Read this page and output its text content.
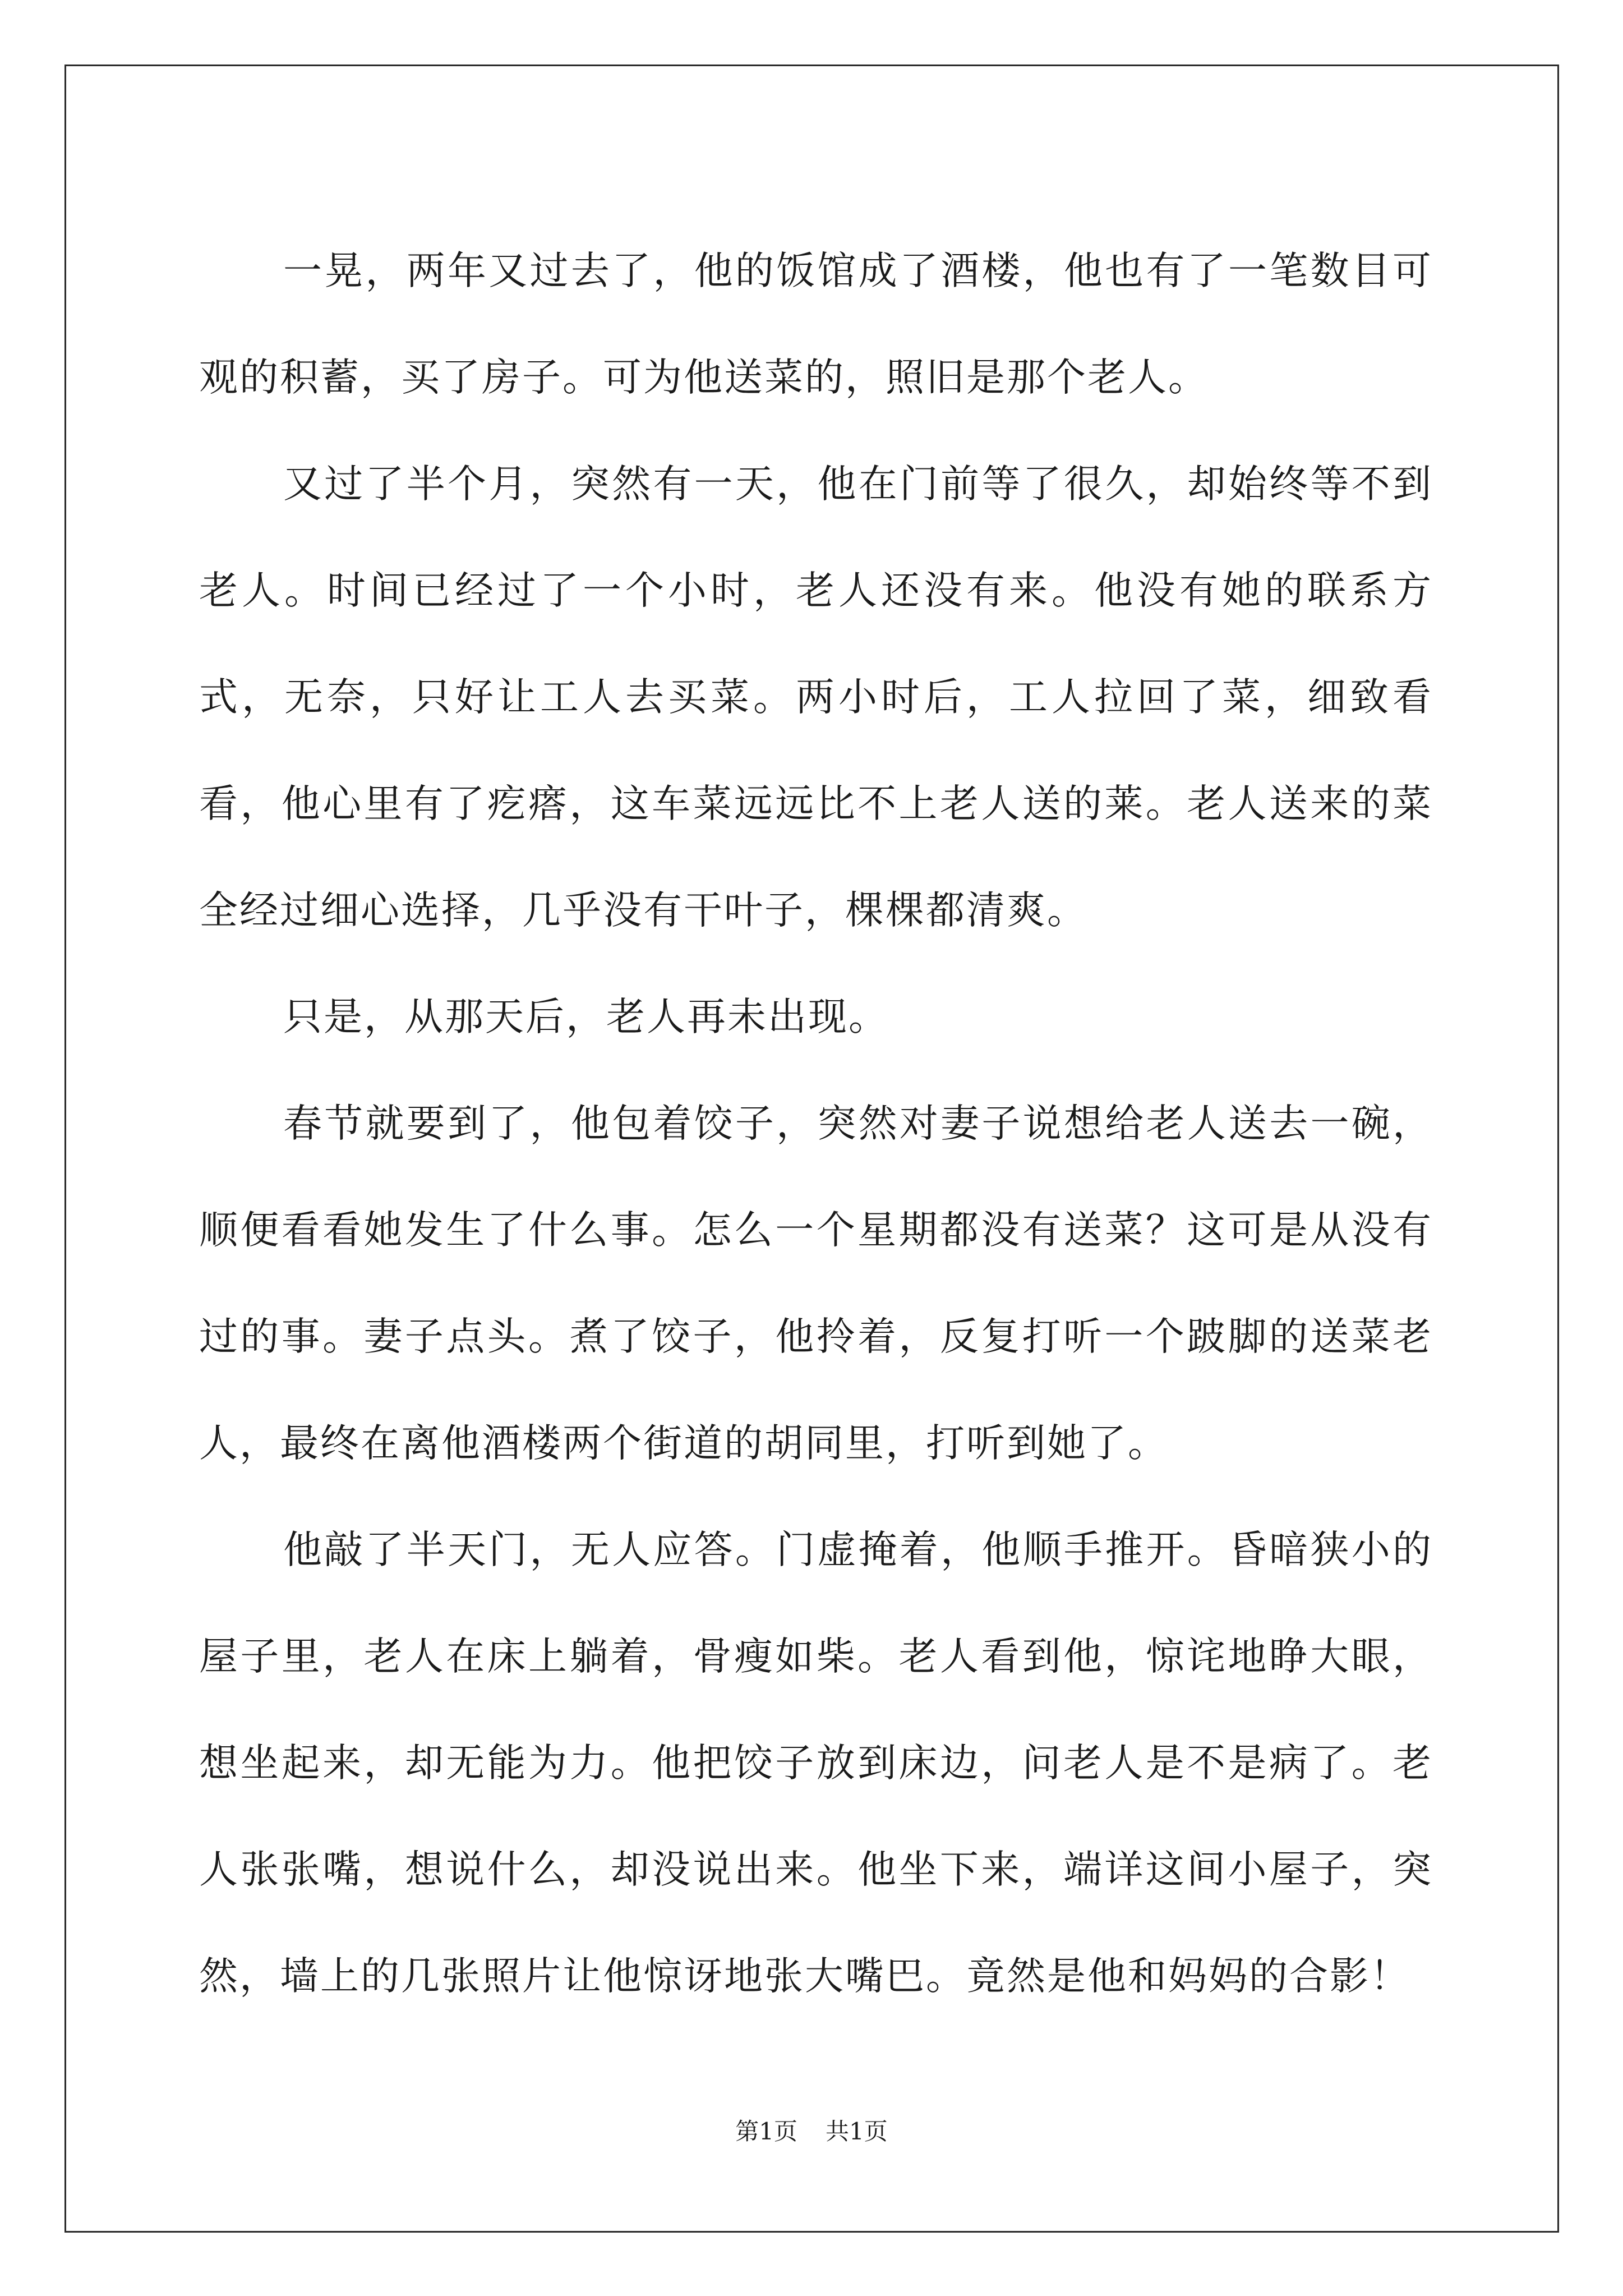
一晃，两年又过去了，他的饭馆成了酒楼，他也有了一笔数目可观的积蓄，买了房子。可为他送菜的，照旧是那个老人。

又过了半个月，突然有一天，他在门前等了很久，却始终等不到老人。时间已经过了一个小时，老人还没有来。他没有她的联系方式，无奈，只好让工人去买菜。两小时后，工人拉回了菜，细致看看，他心里有了疙瘩，这车菜远远比不上老人送的莱。老人送来的菜全经过细心选择，几乎没有干叶子，棵棵都清爽。

只是，从那天后，老人再未出现。

春节就要到了，他包着饺子，突然对妻子说想给老人送去一碗，顺便看看她发生了什么事。怎么一个星期都没有送菜？这可是从没有过的事。妻子点头。煮了饺子，他拎着，反复打听一个跛脚的送菜老人，最终在离他酒楼两个街道的胡同里，打听到她了。

他敲了半天门，无人应答。门虚掩着，他顺手推开。昏暗狭小的屋子里，老人在床上躺着，骨瘦如柴。老人看到他，惊诧地睁大眼，想坐起来，却无能为力。他把饺子放到床边，问老人是不是病了。老人张张嘴，想说什么，却没说出来。他坐下来，端详这间小屋子，突然，墙上的几张照片让他惊讶地张大嘴巴。竟然是他和妈妈的合影！

第1页 共1页
